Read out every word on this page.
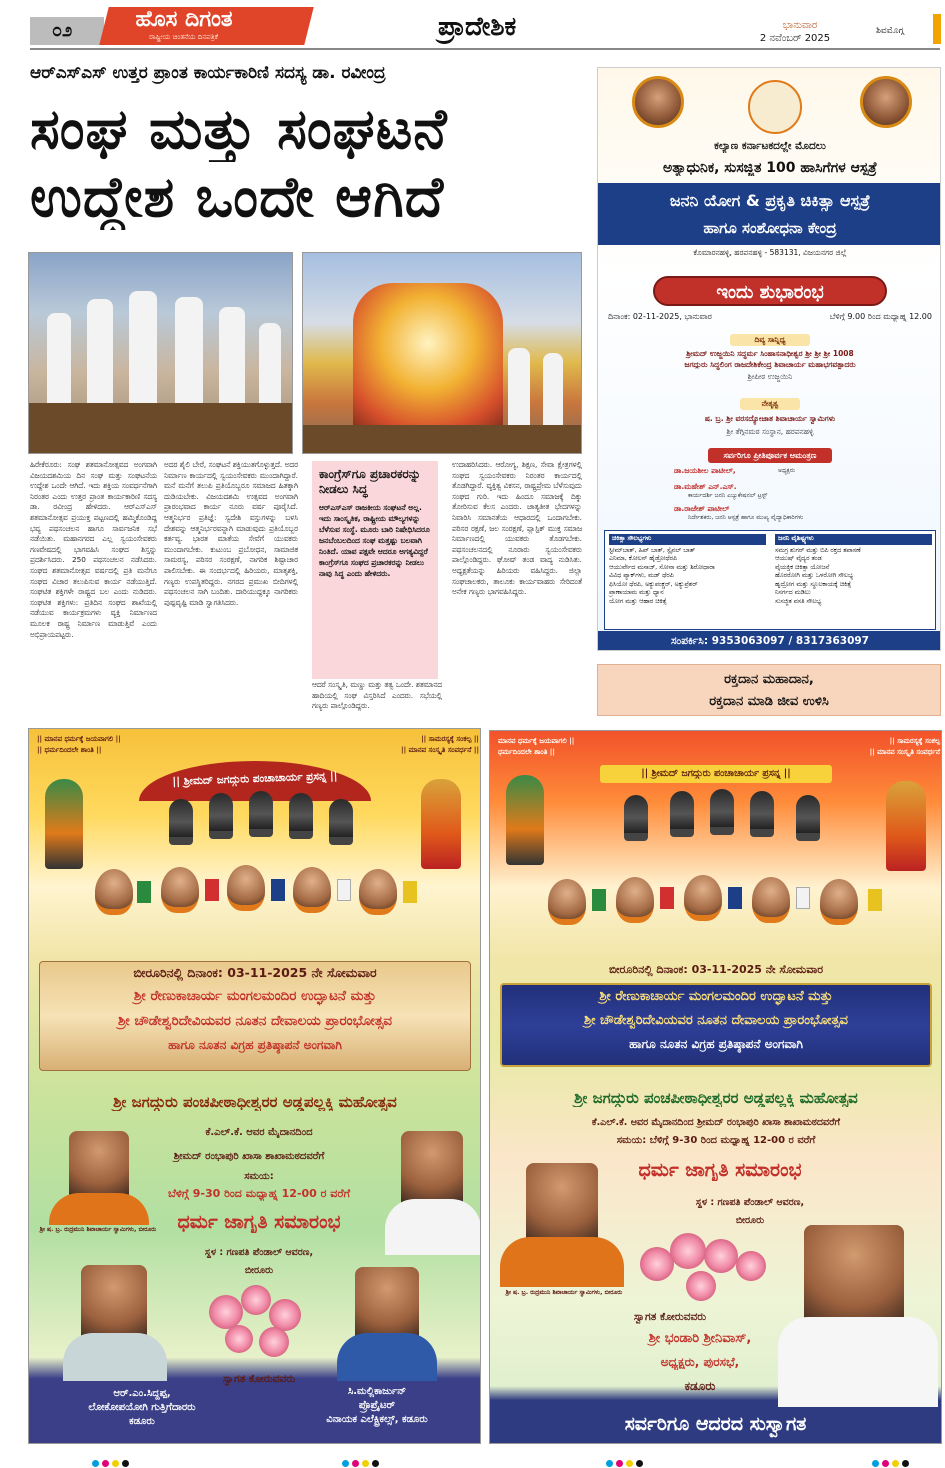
೦೨	ಹೊಸ ದಿಗಂತ
ರಾಷ್ಟ್ರೀಯ ಚಿಂತನೆಯ ದಿನಪತ್ರಿಕೆ	ಪ್ರಾದೇಶಿಕ	ಭಾನುವಾರ
2 ನವೆಂಬರ್ 2025
ಶಿವಮೊಗ್ಗ
ಆರ್‌ಎಸ್‌ಎಸ್ ಉತ್ತರ ಪ್ರಾಂತ ಕಾರ್ಯಕಾರಿಣಿ ಸದಸ್ಯ ಡಾ. ರವೀಂದ್ರ
ಸಂಘ ಮತ್ತು ಸಂಘಟನೆ
ಉದ್ದೇಶ ಒಂದೇ ಆಗಿದೆ
ಹಿರೇಕೆರೂರು: ಸಂಘ ಶತಮಾನೋತ್ಸವದ ಅಂಗವಾಗಿ ವಿಜಯದಶಮಿಯ ದಿನ ಸಂಘ ಮತ್ತು ಸಂಘಟನೆಯ ಉದ್ದೇಶ ಒಂದೇ ಆಗಿದೆ. ಇದು ಶಕ್ತಿಯ ಸಂವರ್ಧನೆಗಾಗಿ ನಿರಂತರ ಎಂದು ಉತ್ತರ ಪ್ರಾಂತ ಕಾರ್ಯಕಾರಿಣಿ ಸದಸ್ಯ ಡಾ. ರವೀಂದ್ರ ಹೇಳಿದರು. ಆರ್‌ಎಸ್‌ಎಸ್ ಶತಮಾನೋತ್ಸವ ಪ್ರಯುಕ್ತ ಪಟ್ಟಣದಲ್ಲಿ ಹಮ್ಮಿಕೊಂಡಿದ್ದ ಭವ್ಯ ಪಥಸಂಚಲನ ಹಾಗೂ ಸಾರ್ವಜನಿಕ ಸಭೆ ನಡೆಯಿತು. ಮಹಾನಗರದ ಎಲ್ಲ ಸ್ವಯಂಸೇವಕರು ಗಣವೇಷದಲ್ಲಿ ಭಾಗವಹಿಸಿ ಸಂಘದ ಶಿಸ್ತನ್ನು ಪ್ರದರ್ಶಿಸಿದರು. 250 ಪಥಸಂಚಲನ ನಡೆಸಿದರು. ಸಂಘದ ಶತಮಾನೋತ್ಸವ ವರ್ಷದಲ್ಲಿ ಪ್ರತಿ ಮನೆಗೂ ಸಂಘದ ವಿಚಾರ ತಲುಪಿಸುವ ಕಾರ್ಯ ನಡೆಯುತ್ತಿದೆ. ಸಂಘಟಿತ ಶಕ್ತಿಗಳೇ ರಾಷ್ಟ್ರದ ಬಲ ಎಂದು ನುಡಿದರು. ಸಂಘಟಿತ ಶಕ್ತಿಗಳು: ಪ್ರತಿದಿನ ಸಂಘದ ಶಾಖೆಯಲ್ಲಿ ನಡೆಯುವ ಕಾರ್ಯಕ್ರಮಗಳು ವ್ಯಕ್ತಿ ನಿರ್ಮಾಣದ ಮೂಲಕ ರಾಷ್ಟ್ರ ನಿರ್ಮಾಣ ಮಾಡುತ್ತಿವೆ ಎಂದು ಅಭಿಪ್ರಾಯಪಟ್ಟರು.
ಅದರ ಶೈಲಿ ಬೇರೆ, ಸಂಘಟನೆ ಶಕ್ತಿಯುತಗೊಳ್ಳುತ್ತದೆ. ಅದರ ನಿರ್ಮಾಣ ಕಾರ್ಯದಲ್ಲಿ ಸ್ವಯಂಸೇವಕರು ಮುಂದಾಗಿದ್ದಾರೆ. ಮನೆ ಮನೆಗೆ ತಲುಪಿ ಪ್ರತಿಯೊಬ್ಬರೂ ಸಮಾಜದ ಹಿತಕ್ಕಾಗಿ ದುಡಿಯಬೇಕು. ವಿಜಯದಶಮಿ ಉತ್ಸವದ ಅಂಗವಾಗಿ ಪ್ರಾರಂಭವಾದ ಕಾರ್ಯ ನೂರು ವರ್ಷ ಪೂರೈಸಿದೆ. ಆತ್ಮನಿರ್ಭರ ಪ್ರತಿಜ್ಞೆ: ಸ್ವದೇಶಿ ವಸ್ತುಗಳನ್ನು ಬಳಸಿ ದೇಶವನ್ನು ಆತ್ಮನಿರ್ಭರವನ್ನಾಗಿ ಮಾಡುವುದು ಪ್ರತಿಯೊಬ್ಬರ ಕರ್ತವ್ಯ. ಭಾರತ ಮಾತೆಯ ಸೇವೆಗೆ ಯುವಕರು ಮುಂದಾಗಬೇಕು. ಕುಟುಂಬ ಪ್ರಬೋಧನ, ಸಾಮಾಜಿಕ ಸಾಮರಸ್ಯ, ಪರಿಸರ ಸಂರಕ್ಷಣೆ, ನಾಗರಿಕ ಶಿಷ್ಟಾಚಾರ ಪಾಲಿಸಬೇಕು. ಈ ಸಂದರ್ಭದಲ್ಲಿ ಹಿರಿಯರು, ಮಾತೃಶಕ್ತಿ, ಗಣ್ಯರು ಉಪಸ್ಥಿತರಿದ್ದರು. ನಗರದ ಪ್ರಮುಖ ಬೀದಿಗಳಲ್ಲಿ ಪಥಸಂಚಲನ ಸಾಗಿ ಬಂದಿತು. ದಾರಿಯುದ್ದಕ್ಕೂ ನಾಗರಿಕರು ಪುಷ್ಪವೃಷ್ಟಿ ಮಾಡಿ ಸ್ವಾಗತಿಸಿದರು.
ಕಾಂಗ್ರೆಸ್‌ಗೂ ಪ್ರಚಾರಕರನ್ನು ನೀಡಲು ಸಿದ್ಧ
ಆರ್‌ಎಸ್‌ಎಸ್ ರಾಜಕೀಯ ಸಂಘಟನೆ ಅಲ್ಲ. ಇದು ಸಾಂಸ್ಕೃತಿಕ, ರಾಷ್ಟ್ರೀಯ ಮೌಲ್ಯಗಳನ್ನು ಬೆಳೆಸುವ ಸಂಸ್ಥೆ. ಮೂರು ಬಾರಿ ನಿಷೇಧಿಸಿದರೂ ಜನಬೆಂಬಲದಿಂದ ಸಂಘ ಮತ್ತಷ್ಟು ಬಲವಾಗಿ ನಿಂತಿದೆ. ಯಾವ ಪಕ್ಷವೇ ಆದರೂ ಅಗತ್ಯವಿದ್ದರೆ ಕಾಂಗ್ರೆಸ್‌ಗೂ ಸಂಘದ ಪ್ರಚಾರಕರನ್ನು ನೀಡಲು ನಾವು ಸಿದ್ಧ ಎಂದು ಹೇಳಿದರು.
ಆದರೆ ಸಂಸ್ಕೃತಿ, ಮಣ್ಣು ಮತ್ತು ತತ್ವ ಒಂದೇ. ಶತಮಾನದ ಹಾದಿಯಲ್ಲಿ ಸಂಘ ವಿಸ್ತರಿಸಿದೆ ಎಂದರು. ಸಭೆಯಲ್ಲಿ ಗಣ್ಯರು ಪಾಲ್ಗೊಂಡಿದ್ದರು.
ಉದಾಹರಿಸಿದರು. ಆರೋಗ್ಯ, ಶಿಕ್ಷಣ, ಸೇವಾ ಕ್ಷೇತ್ರಗಳಲ್ಲಿ ಸಂಘದ ಸ್ವಯಂಸೇವಕರು ನಿರಂತರ ಕಾರ್ಯದಲ್ಲಿ ತೊಡಗಿದ್ದಾರೆ. ವ್ಯಕ್ತಿತ್ವ ವಿಕಸನ, ರಾಷ್ಟ್ರಪ್ರೇಮ ಬೆಳೆಸುವುದು ಸಂಘದ ಗುರಿ. ಇದು ಹಿಂದೂ ಸಮಾಜಕ್ಕೆ ದಿಕ್ಕು ತೋರಿಸುವ ಕೆಲಸ ಎಂದರು. ಜಾತ್ಯತೀತ ಭೇದಗಳನ್ನು ನಿವಾರಿಸಿ ಸಮಾನತೆಯ ಆಧಾರದಲ್ಲಿ ಒಂದಾಗಬೇಕು. ಪರಿಸರ ರಕ್ಷಣೆ, ಜಲ ಸಂರಕ್ಷಣೆ, ಪ್ಲಾಸ್ಟಿಕ್ ಮುಕ್ತ ಸಮಾಜ ನಿರ್ಮಾಣದಲ್ಲಿ ಯುವಕರು ತೊಡಗಬೇಕು. ಪಥಸಂಚಲನದಲ್ಲಿ ನೂರಾರು ಸ್ವಯಂಸೇವಕರು ಪಾಲ್ಗೊಂಡಿದ್ದರು. ಘೋಷ್ ತಂಡ ವಾದ್ಯ ನುಡಿಸಿತು. ಅಧ್ಯಕ್ಷತೆಯನ್ನು ಹಿರಿಯರು ವಹಿಸಿದ್ದರು. ಜಿಲ್ಲಾ ಸಂಘಚಾಲಕರು, ತಾಲೂಕು ಕಾರ್ಯವಾಹರು ಸೇರಿದಂತೆ ಅನೇಕ ಗಣ್ಯರು ಭಾಗವಹಿಸಿದ್ದರು.
ಕಲ್ಯಾಣ ಕರ್ನಾಟಕದಲ್ಲೇ ಮೊದಲು
ಅತ್ಯಾಧುನಿಕ, ಸುಸಜ್ಜಿತ 100 ಹಾಸಿಗೆಗಳ ಆಸ್ಪತ್ರೆ
ಜನನಿ ಯೋಗ & ಪ್ರಕೃತಿ ಚಿಕಿತ್ಸಾ ಆಸ್ಪತ್ರೆ
ಹಾಗೂ ಸಂಶೋಧನಾ ಕೇಂದ್ರ
ಕೊಮಾರನಹಳ್ಳಿ, ಹರಪನಹಳ್ಳಿ - 583131, ವಿಜಯನಗರ ಜಿಲ್ಲೆ
ಇಂದು ಶುಭಾರಂಭ
ದಿನಾಂಕ: 02-11-2025, ಭಾನುವಾರ	ಬೆಳಿಗ್ಗೆ 9.00 ರಿಂದ ಮಧ್ಯಾಹ್ನ 12.00
ದಿವ್ಯ ಸಾನ್ನಿಧ್ಯ
ಶ್ರೀಮದ್ ಉಜ್ಜಯಿನಿ ಸದ್ಧರ್ಮ ಸಿಂಹಾಸನಾಧೀಶ್ವರ ಶ್ರೀ ಶ್ರೀ ಶ್ರೀ 1008
ಜಗದ್ಗುರು ಸಿದ್ಧಲಿಂಗ ರಾಜದೇಶಿಕೇಂದ್ರ ಶಿವಾಚಾರ್ಯ ಮಹಾಭಗವತ್ಪಾದರು
ಶ್ರೀಪೀಠ ಉಜ್ಜಯಿನಿ
ನೇತೃತ್ವ
ಷ. ಬ್ರ. ಶ್ರೀ ವರಸದ್ಯೋಜಾತ ಶಿವಾಚಾರ್ಯ ಸ್ವಾಮಿಗಳು
ಶ್ರೀ ತೆಗ್ಗಿನಮಠ ಸಂಸ್ಥಾನ, ಹರಪನಹಳ್ಳಿ
ಸರ್ವರಿಗೂ ಪ್ರೀತಿಪೂರ್ವಕ ಆಮಂತ್ರಣ
ಡಾ.ಜಯಶೀಲ ಪಾಟೀಲ್,	ಅಧ್ಯಕ್ಷರು
ಡಾ.ಮಹೇಶ್ ಎನ್.ಎಸ್.
ಕಾರ್ಯದರ್ಶಿ ಜನನಿ ಎಜ್ಯುಕೇಷನಲ್ ಟ್ರಸ್ಟ್
ಡಾ.ರಾಜೇಶ್ ಪಾಟೀಲ್
ನಿರ್ದೇಶಕರು, ಜನನಿ ಆಸ್ಪತ್ರೆ ಹಾಗೂ ಮುಖ್ಯ ವೈದ್ಯಾಧಿಕಾರಿಗಳು
ಚಿಕಿತ್ಸಾ ಸೌಲಭ್ಯಗಳು
ಸ್ಟೀಮ್‌ಬಾತ್, ಹಿಪ್ ಬಾತ್, ಸ್ಪೈನಲ್ ಬಾತ್
ಎನಿಮಾ, ಕೋಲನ್ ಹೈಡ್ರೋಥೆರಪಿ
ಆಯುರ್ವೇದ ಮಸಾಜ್, ಸೋನಾ ಮತ್ತು ಶಿರೋಧಾರಾ
ವಿವಿಧ ಪ್ಯಾಕ್‌ಗಳು, ಮಡ್ ಥೆರಪಿ
ಫಿಸಿಯೋ ಥೆರಪಿ, ಅಕ್ಯುಪಂಕ್ಚರ್, ಅಕ್ಯುಪ್ರೆಶರ್
ಪ್ರಾಣಾಯಾಮ ಮತ್ತು ಧ್ಯಾನ
ಯೋಗ ಮತ್ತು ಆಹಾರ ಚಿಕಿತ್ಸೆ
ಜನನಿ ವೈಶಿಷ್ಟ್ಯಗಳು
ಸಮಗ್ರ ಶುಗರ್ ಮತ್ತು ಬಿಪಿ ರಕ್ತದ ತಪಾಸಣೆ
ಆಯುಷ್ ವೈದ್ಯರ ತಂಡ
ವೈಯಕ್ತಿಕ ಚಿಕಿತ್ಸಾ ಯೋಜನೆ
ಹೊರರೋಗಿ ಮತ್ತು ಒಳರೋಗಿ ಸೌಲಭ್ಯ
ಹೃದ್ರೋಗ ಮತ್ತು ಸ್ಥೂಲಕಾಯಕ್ಕೆ ಚಿಕಿತ್ಸೆ
ನಿಸರ್ಗದ ಮಡಿಲು
ಸುಸಜ್ಜಿತ ವಸತಿ ಸೌಲಭ್ಯ
ಸಂಪರ್ಕಿಸಿ: 9353063097 / 8317363097
ರಕ್ತದಾನ ಮಹಾದಾನ,
ರಕ್ತದಾನ ಮಾಡಿ ಜೀವ ಉಳಿಸಿ
|| ಮಾನವ ಧರ್ಮಕ್ಕೆ ಜಯವಾಗಲಿ ||
|| ಧರ್ಮದಿಂದಲೇ ಶಾಂತಿ ||
|| ಸಾಮರಸ್ಯಕ್ಕೆ ಸಂಕಲ್ಪ ||
|| ಮಾನವ ಸಂಸ್ಕೃತಿ ಸಂವರ್ಧನೆ ||
|| ಶ್ರೀಮದ್ ಜಗದ್ಗುರು ಪಂಚಾಚಾರ್ಯ ಪ್ರಸನ್ನ ||
ಬೀರೂರಿನಲ್ಲಿ ದಿನಾಂಕ: 03-11-2025 ನೇ ಸೋಮವಾರ
ಶ್ರೀ ರೇಣುಕಾಚಾರ್ಯ ಮಂಗಲಮಂದಿರ ಉದ್ಘಾಟನೆ ಮತ್ತು
ಶ್ರೀ ಚೌಡೇಶ್ವರಿದೇವಿಯವರ ನೂತನ ದೇವಾಲಯ ಪ್ರಾರಂಭೋತ್ಸವ
ಹಾಗೂ ನೂತನ ವಿಗ್ರಹ ಪ್ರತಿಷ್ಠಾಪನೆ ಅಂಗವಾಗಿ
ಶ್ರೀ ಜಗದ್ಗುರು ಪಂಚಪೀಠಾಧೀಶ್ವರರ ಅಡ್ಡಪಲ್ಲಕ್ಕಿ ಮಹೋತ್ಸವ
ಕೆ.ಎಲ್.ಕೆ. ಆವರ ಮೈದಾನದಿಂದ
ಶ್ರೀಮದ್ ರಂಭಾಪುರಿ ಖಾಸಾ ಶಾಖಾಮಠದವರೆಗೆ
ಸಮಯ:
ಬೆಳಿಗ್ಗೆ 9-30 ರಿಂದ ಮಧ್ಯಾಹ್ನ 12-00 ರ ವರೆಗೆ
ಧರ್ಮ ಜಾಗೃತಿ ಸಮಾರಂಭ
ಸ್ಥಳ : ಗಣಪತಿ ಪೆಂಡಾಲ್ ಆವರಣ,
ಬೀರೂರು
ಶ್ರೀ ಷ. ಬ್ರ. ರುದ್ರಮುನಿ ಶಿವಾಚಾರ್ಯ ಸ್ವಾಮಿಗಳು, ಬೀರೂರು
ಸ್ವಾಗತ ಕೋರುವವರು
ಆರ್.ಎಂ.ಸಿದ್ದಪ್ಪ,
ಲೋಕೋಪಯೋಗಿ ಗುತ್ತಿಗೆದಾರರು
ಕಡೂರು
ಸಿ.ಮಲ್ಲಿಕಾರ್ಜುನ್
ಪ್ರೊಪ್ರೈಟರ್
ವಿನಾಯಕ ಎಲೆಕ್ಟ್ರಿಕಲ್ಸ್, ಕಡೂರು
ಮಾನವ ಧರ್ಮಕ್ಕೆ ಜಯವಾಗಲಿ ||
ಧರ್ಮದಿಂದಲೇ ಶಾಂತಿ ||
|| ಸಾಮರಸ್ಯಕ್ಕೆ ಸಂಕಲ್ಪ
|| ಮಾನವ ಸಂಸ್ಕೃತಿ ಸಂವರ್ಧನೆ
|| ಶ್ರೀಮದ್ ಜಗದ್ಗುರು ಪಂಚಾಚಾರ್ಯ ಪ್ರಸನ್ನ ||
ಬೀರೂರಿನಲ್ಲಿ ದಿನಾಂಕ: 03-11-2025 ನೇ ಸೋಮವಾರ
ಶ್ರೀ ರೇಣುಕಾಚಾರ್ಯ ಮಂಗಲಮಂದಿರ ಉದ್ಘಾಟನೆ ಮತ್ತು
ಶ್ರೀ ಚೌಡೇಶ್ವರಿದೇವಿಯವರ ನೂತನ ದೇವಾಲಯ ಪ್ರಾರಂಭೋತ್ಸವ
ಹಾಗೂ ನೂತನ ವಿಗ್ರಹ ಪ್ರತಿಷ್ಠಾಪನೆ ಅಂಗವಾಗಿ
ಶ್ರೀ ಜಗದ್ಗುರು ಪಂಚಪೀಠಾಧೀಶ್ವರರ ಅಡ್ಡಪಲ್ಲಕ್ಕಿ ಮಹೋತ್ಸವ
ಕೆ.ಎಲ್.ಕೆ. ಆವರ ಮೈದಾನದಿಂದ ಶ್ರೀಮದ್ ರಂಭಾಪುರಿ ಖಾಸಾ ಶಾಖಾಮಠದವರೆಗೆ
ಸಮಯ: ಬೆಳಿಗ್ಗೆ 9-30 ರಿಂದ ಮಧ್ಯಾಹ್ನ 12-00 ರ ವರೆಗೆ
ಧರ್ಮ ಜಾಗೃತಿ ಸಮಾರಂಭ
ಸ್ಥಳ : ಗಣಪತಿ ಪೆಂಡಾಲ್ ಆವರಣ,
ಬೀರೂರು
ಶ್ರೀ ಷ. ಬ್ರ. ರುದ್ರಮುನಿ ಶಿವಾಚಾರ್ಯ ಸ್ವಾಮಿಗಳು, ಬೀರೂರು
ಸ್ವಾಗತ ಕೋರುವವರು
ಶ್ರೀ ಭಂಡಾರಿ ಶ್ರೀನಿವಾಸ್,
ಅಧ್ಯಕ್ಷರು, ಪುರಸಭೆ,
ಕಡೂರು
ಸರ್ವರಿಗೂ ಆದರದ ಸುಸ್ವಾಗತ
